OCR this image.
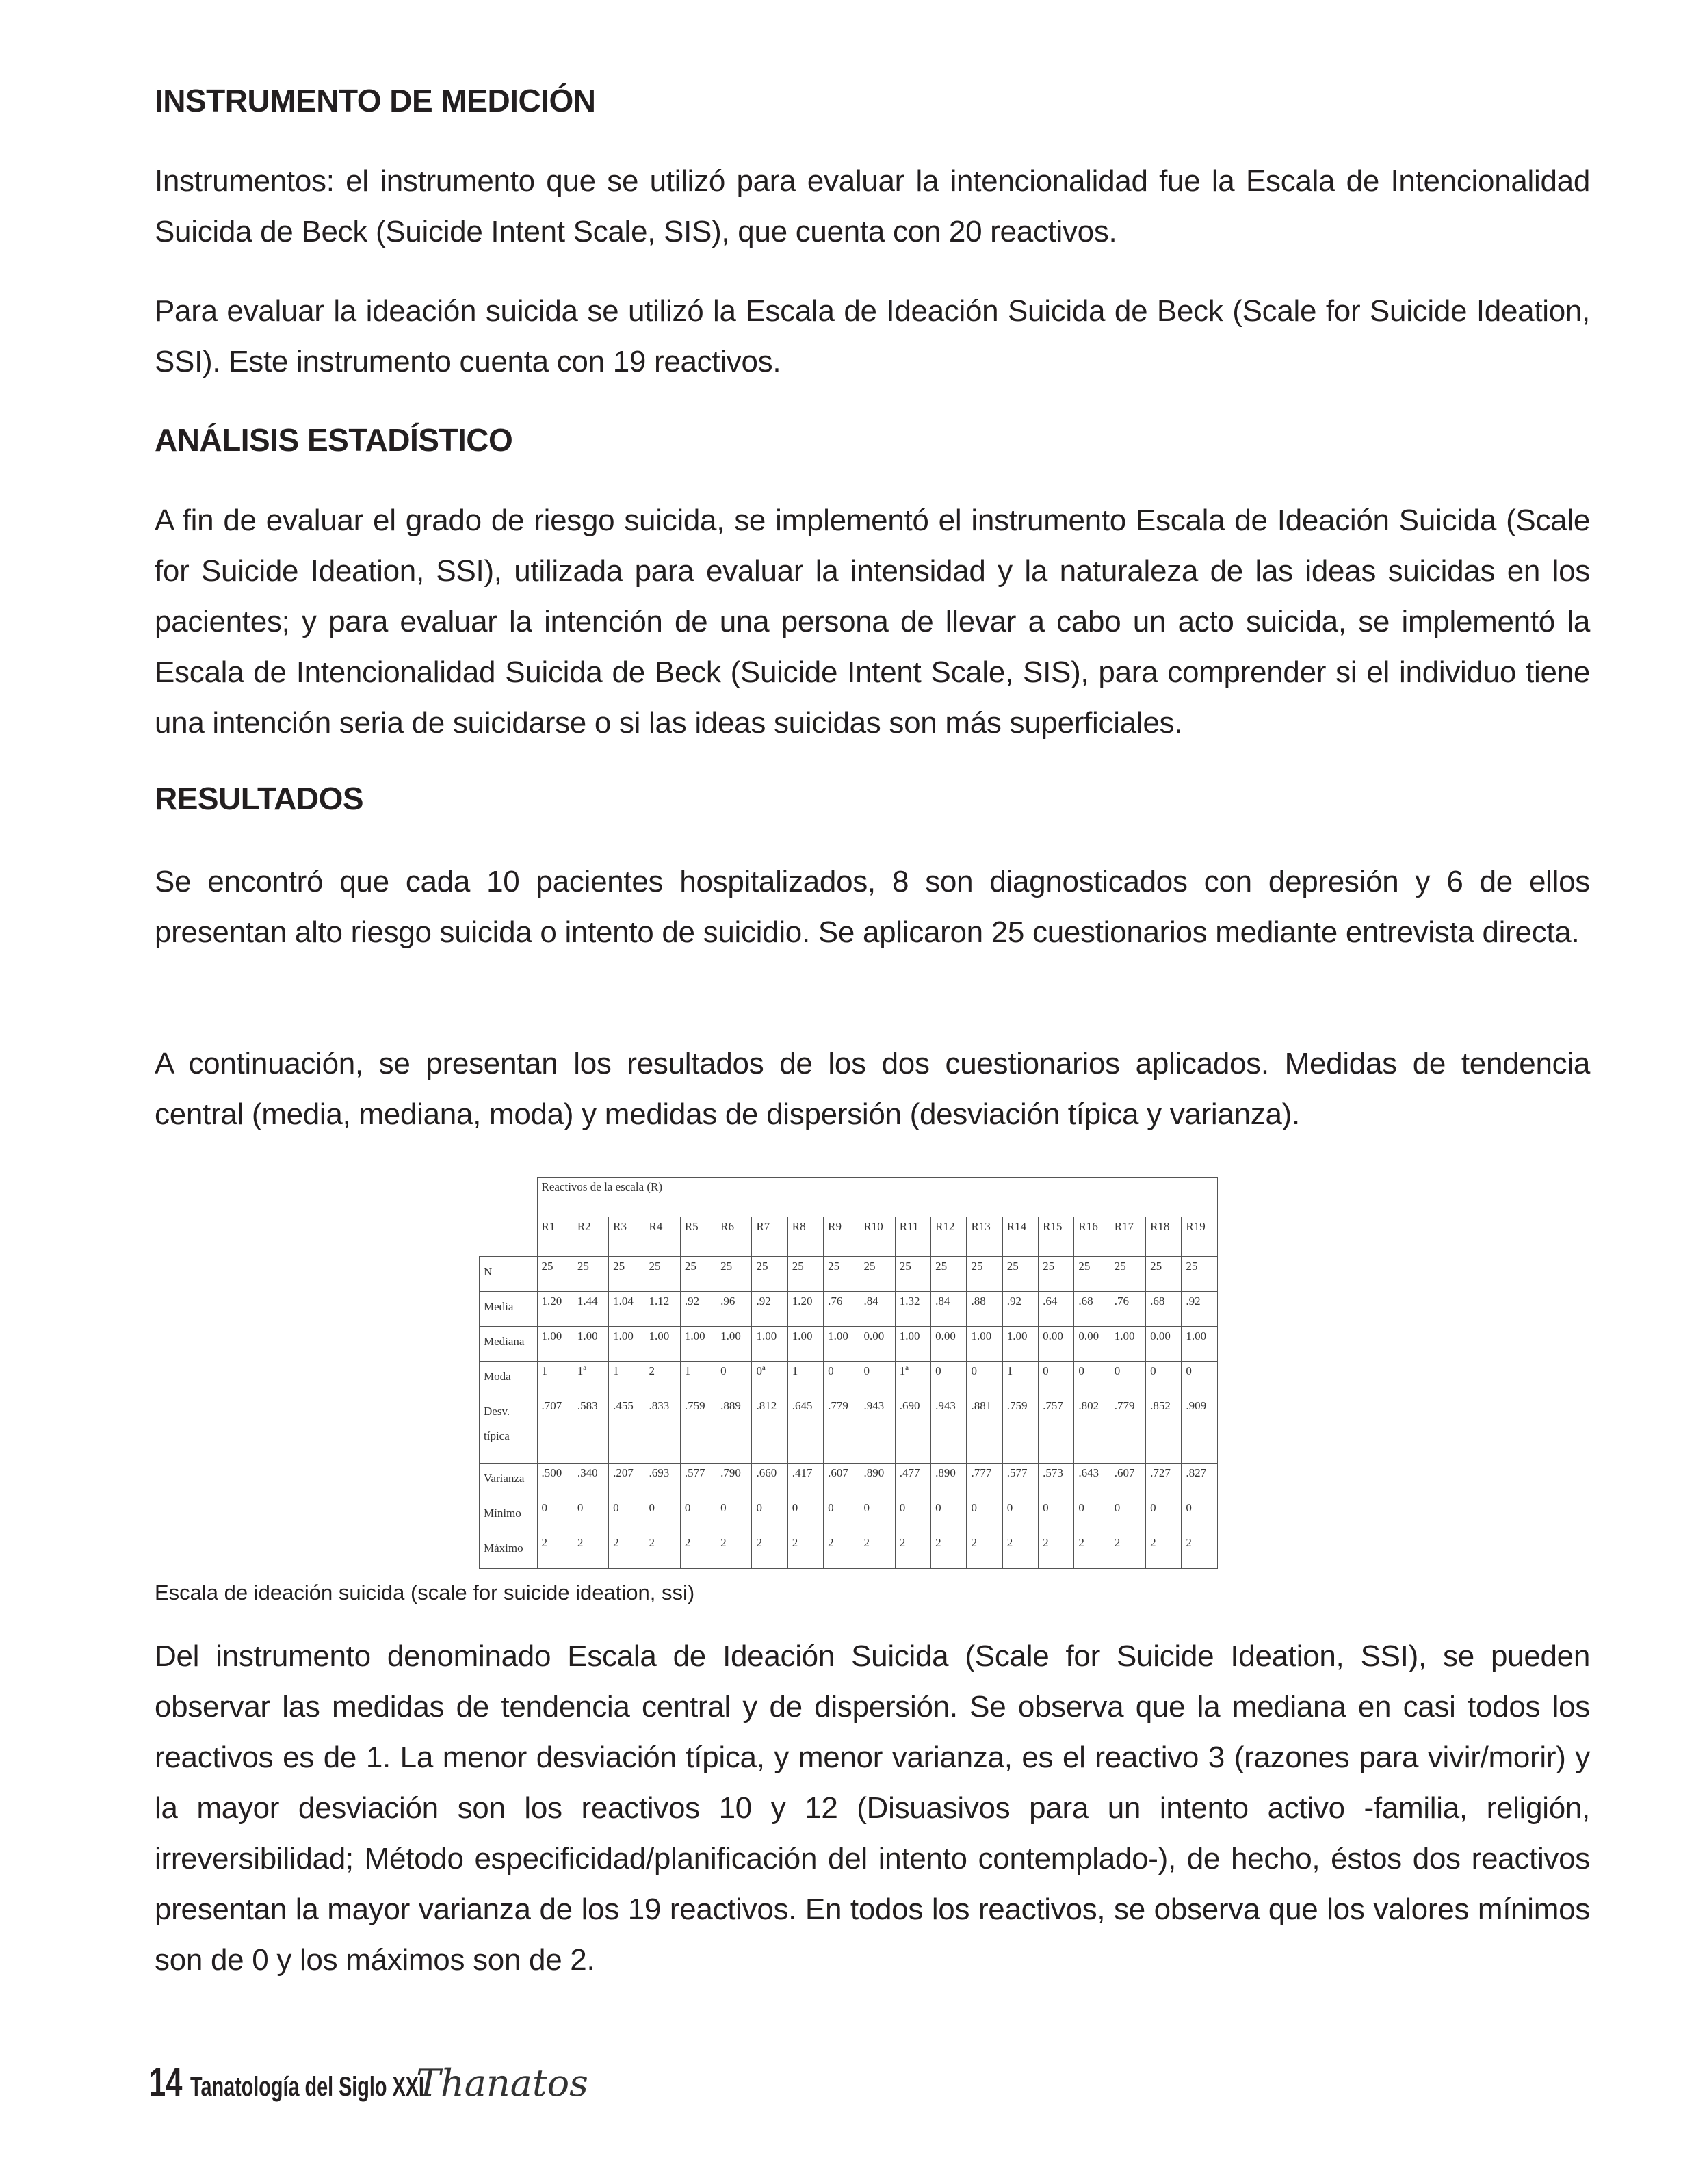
INSTRUMENTO DE MEDICIÓN

Instrumentos: el instrumento que se utilizó para evaluar la intencionalidad fue la Escala de Intencionalidad Suicida de Beck (Suicide Intent Scale, SIS), que cuenta con 20 reactivos.

Para evaluar la ideación suicida se utilizó la Escala de Ideación Suicida de Beck (Scale for Suicide Ideation, SSI). Este instrumento cuenta con 19 reactivos.

ANÁLISIS ESTADÍSTICO

A fin de evaluar el grado de riesgo suicida, se implementó el instrumento Escala de Ideación Suicida (Scale for Suicide Ideation, SSI), utilizada para evaluar la intensidad y la naturaleza de las ideas suicidas en los pacientes; y para evaluar la intención de una persona de llevar a cabo un acto suicida, se implementó la Escala de Intencionalidad Suicida de Beck (Suicide Intent Scale, SIS), para comprender si el individuo tiene una intención seria de suicidarse o si las ideas suicidas son más superficiales.

RESULTADOS

Se encontró que cada 10 pacientes hospitalizados, 8 son diagnosticados con depresión y 6 de ellos presentan alto riesgo suicida o intento de suicidio. Se aplicaron 25 cuestionarios mediante entrevista directa.

A continuación, se presentan los resultados de los dos cuestionarios aplicados. Medidas de tendencia central (media, mediana, moda) y medidas de dispersión (desviación típica y varianza).

	Reactivos de la escala (R)																		
	R1	R2	R3	R4	R5	R6	R7	R8	R9	R10	R11	R12	R13	R14	R15	R16	R17	R18	R19
N	25	25	25	25	25	25	25	25	25	25	25	25	25	25	25	25	25	25	25
Media	1.20	1.44	1.04	1.12	.92	.96	.92	1.20	.76	.84	1.32	.84	.88	.92	.64	.68	.76	.68	.92
Mediana	1.00	1.00	1.00	1.00	1.00	1.00	1.00	1.00	1.00	0.00	1.00	0.00	1.00	1.00	0.00	0.00	1.00	0.00	1.00
Moda	1	1ª	1	2	1	0	0ª	1	0	0	1ª	0	0	1	0	0	0	0	0
Desv. típica	.707	.583	.455	.833	.759	.889	.812	.645	.779	.943	.690	.943	.881	.759	.757	.802	.779	.852	.909
Varianza	.500	.340	.207	.693	.577	.790	.660	.417	.607	.890	.477	.890	.777	.577	.573	.643	.607	.727	.827
Mínimo	0	0	0	0	0	0	0	0	0	0	0	0	0	0	0	0	0	0	0
Máximo	2	2	2	2	2	2	2	2	2	2	2	2	2	2	2	2	2	2	2

Escala de ideación suicida (scale for suicide ideation, ssi)

Del instrumento denominado Escala de Ideación Suicida (Scale for Suicide Ideation, SSI), se pueden observar las medidas de tendencia central y de dispersión. Se observa que la mediana en casi todos los reactivos es de 1. La menor desviación típica, y menor varianza, es el reactivo 3 (razones para vivir/morir) y la mayor desviación son los reactivos 10 y 12 (Disuasivos para un intento activo -familia, religión, irreversibilidad; Método especificidad/planificación del intento contemplado-), de hecho, éstos dos reactivos presentan la mayor varianza de los 19 reactivos. En todos los reactivos, se observa que los valores mínimos son de 0 y los máximos son de 2.

14 Tanatología del Siglo XXI
Thanatos
